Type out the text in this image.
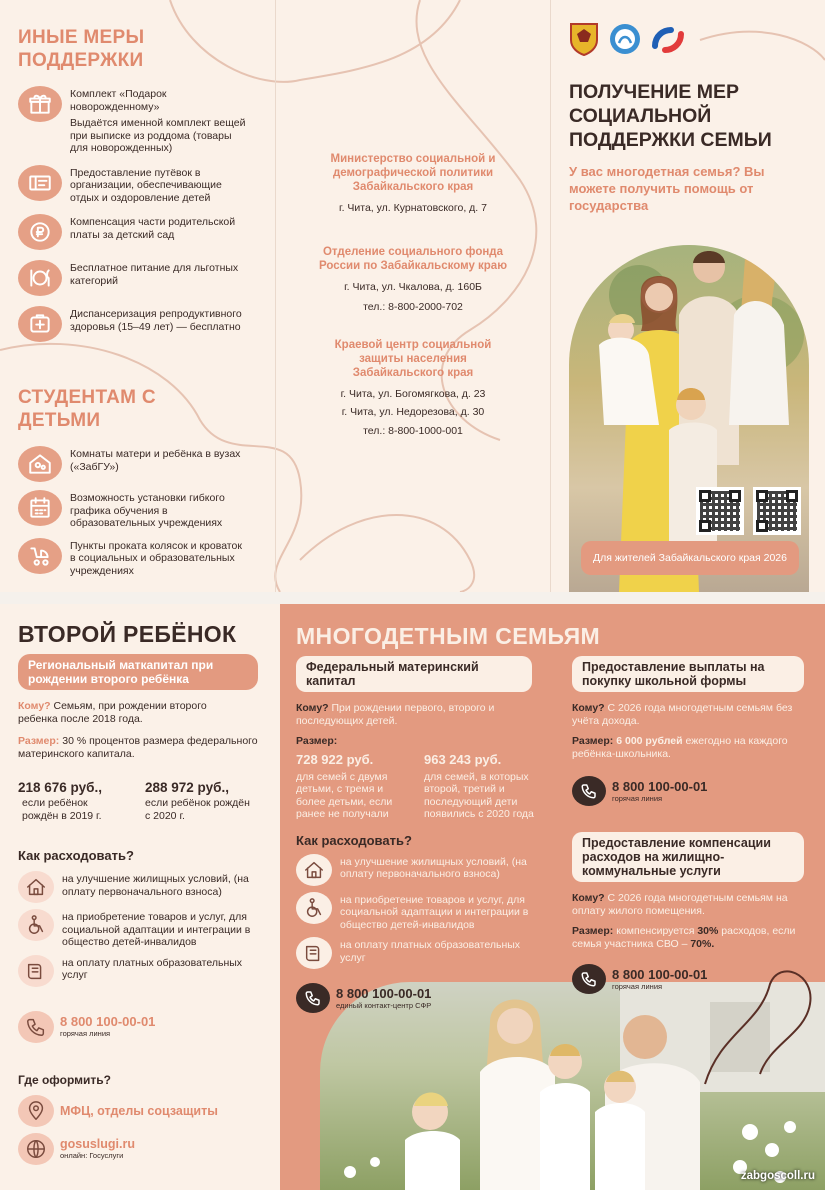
ИНЫЕ МЕРЫ ПОДДЕРЖКИ
Комплект «Подарок новорожденному»
Выдаётся именной комплект вещей при выписке из роддома (товары для новорожденных)
Предоставление путёвок в организации, обеспечивающие отдых и оздоровление детей
Компенсация части родительской платы за детский сад
Бесплатное питание для льготных категорий
Диспансеризация репродуктивного здоровья (15–49 лет) — бесплатно
СТУДЕНТАМ С ДЕТЬМИ
Комнаты матери и ребёнка в вузах («ЗабГУ»)
Возможность установки гибкого графика обучения в образовательных учреждениях
Пункты проката колясок и кроваток в социальных и образовательных учреждениях
Министерство социальной и демографической политики Забайкальского края
г. Чита, ул. Курнатовского, д. 7
Отделение социального фонда России по Забайкальскому краю
г. Чита, ул. Чкалова, д. 160Б
тел.: 8-800-2000-702
Краевой центр социальной защиты населения Забайкальского края
г. Чита, ул. Богомягкова, д. 23
г. Чита, ул. Недорезова, д. 30
тел.: 8-800-1000-001
ПОЛУЧЕНИЕ МЕР СОЦИАЛЬНОЙ ПОДДЕРЖКИ СЕМЬИ
У вас многодетная семья? Вы можете получить помощь от государства
Для жителей Забайкальского края 2026
ВТОРОЙ РЕБЁНОК
Региональный маткапитал при рождении второго ребёнка
Кому? Семьям, при рождении второго ребенка после 2018 года.
Размер: 30 % процентов размера федерального материнского капитала.
218 676 руб.,
если ребёнок рождён в 2019 г.
288 972 руб.,
если ребёнок рождён с 2020 г.
Как расходовать?
на улучшение жилищных условий, (на оплату первоначального взноса)
на приобретение товаров и услуг, для социальной адаптации и интеграции в общество детей-инвалидов
на оплату платных образовательных услуг
8 800 100-00-01
горячая линия
Где оформить?
МФЦ, отделы соцзащиты
gosuslugi.ru
онлайн: Госуслуги
МНОГОДЕТНЫМ СЕМЬЯМ
Федеральный материнский капитал
Кому? При рождении первого, второго и последующих детей.
Размер:
728 922 руб.
для семей с двумя детьми, с тремя и более детьми, если ранее не получали
963 243 руб.
для семей, в которых второй, третий и последующий дети появились с 2020 года
Как расходовать?
на улучшение жилищных условий, (на оплату первоначального взноса)
на приобретение товаров и услуг, для социальной адаптации и интеграции в общество детей-инвалидов
на оплату платных образовательных услуг
8 800 100-00-01
единый контакт-центр СФР
Предоставление выплаты на покупку школьной формы
Кому? С 2026 года многодетным семьям без учёта дохода.
Размер: 6 000 рублей ежегодно на каждого ребёнка-школьника.
8 800 100-00-01
горячая линия
Предоставление компенсации расходов на жилищно-коммунальные услуги
Кому? С 2026 года многодетным семьям на оплату жилого помещения.
Размер: компенсируется 30% расходов, если семья участника СВО – 70%.
8 800 100-00-01
горячая линия
zabgoscoll.ru
